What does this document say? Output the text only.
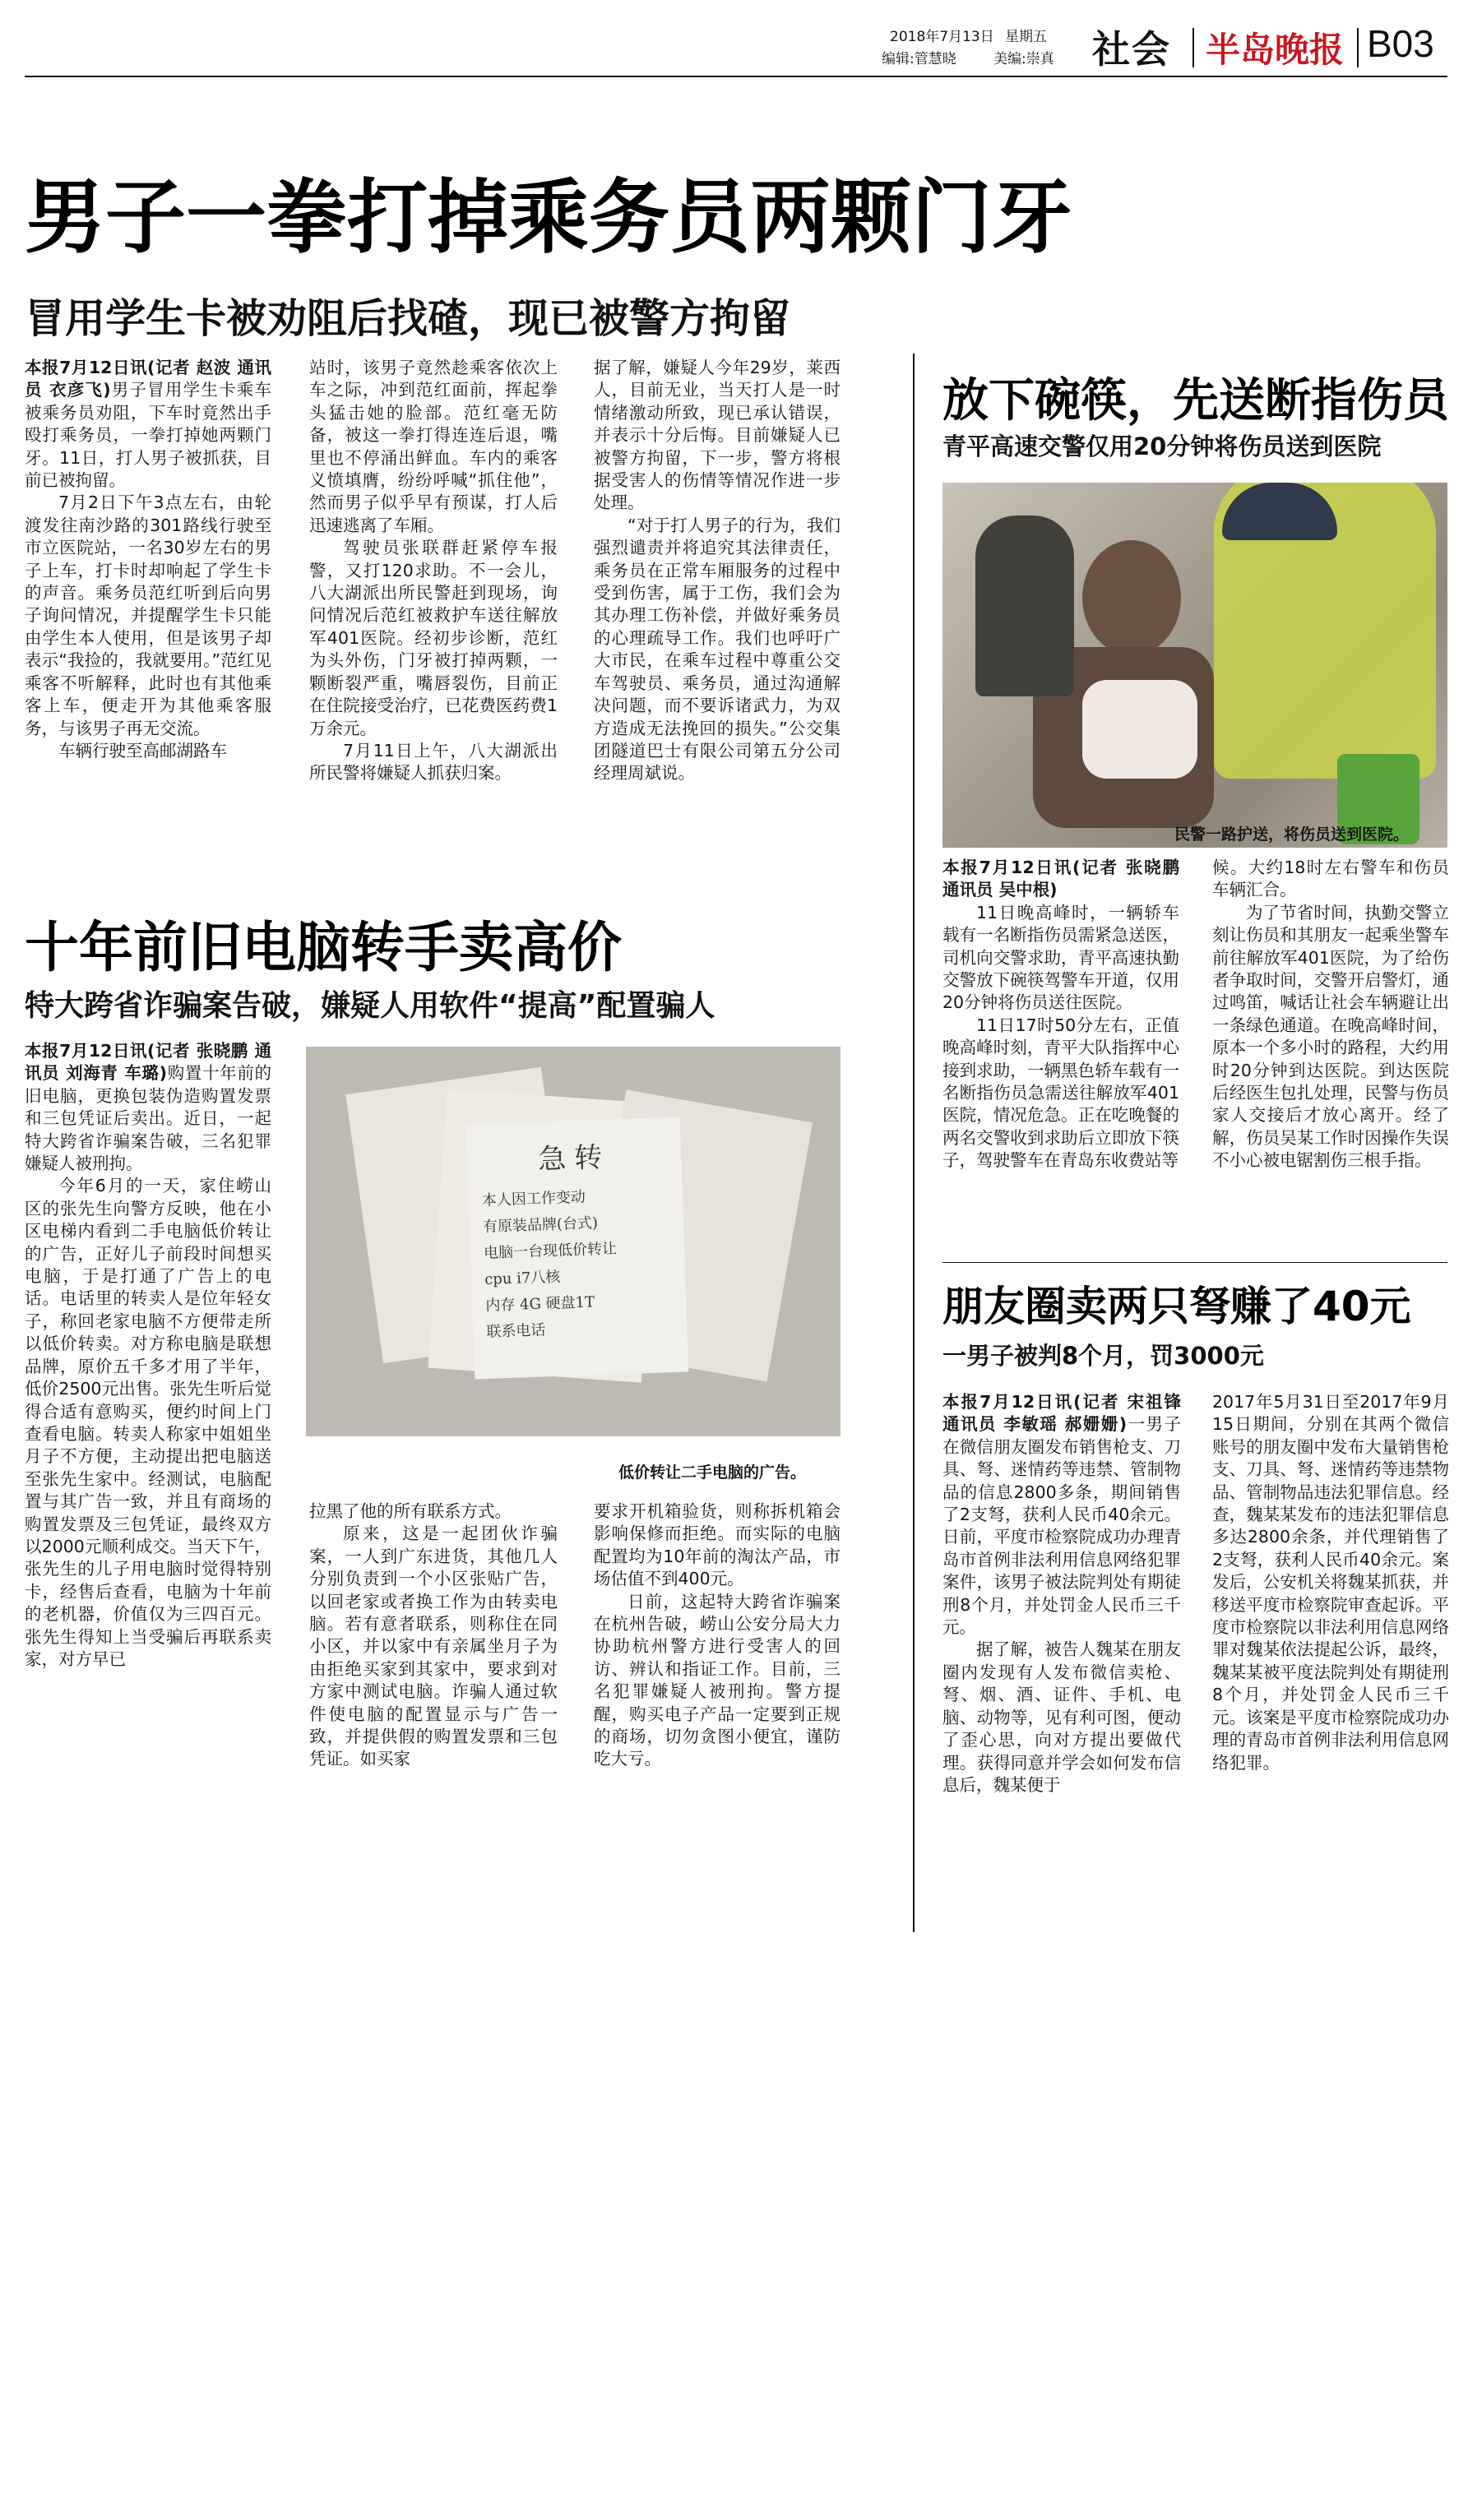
2018年7月13日 星期五
编辑:管慧晓	美编:崇真 社会 半岛晚报 B03
男子一拳打掉乘务员两颗门牙
冒用学生卡被劝阻后找碴，现已被警方拘留

本报7月12日讯(记者 赵波 通讯员 衣彦飞)男子冒用学生卡乘车被乘务员劝阻，下车时竟然出手殴打乘务员，一拳打掉她两颗门牙。11日，打人男子被抓获，目前已被拘留。

7月2日下午3点左右，由轮渡发往南沙路的301路线行驶至市立医院站，一名30岁左右的男子上车，打卡时却响起了学生卡的声音。乘务员范红听到后向男子询问情况，并提醒学生卡只能由学生本人使用，但是该男子却表示“我捡的，我就要用。”范红见乘客不听解释，此时也有其他乘客上车，便走开为其他乘客服务，与该男子再无交流。

车辆行驶至高邮湖路车

站时，该男子竟然趁乘客依次上车之际，冲到范红面前，挥起拳头猛击她的脸部。范红毫无防备，被这一拳打得连连后退，嘴里也不停涌出鲜血。车内的乘客义愤填膺，纷纷呼喊“抓住他”，然而男子似乎早有预谋，打人后迅速逃离了车厢。

驾驶员张联群赶紧停车报警，又打120求助。不一会儿，八大湖派出所民警赶到现场，询问情况后范红被救护车送往解放军401医院。经初步诊断，范红为头外伤，门牙被打掉两颗，一颗断裂严重，嘴唇裂伤，目前正在住院接受治疗，已花费医药费1万余元。

7月11日上午，八大湖派出所民警将嫌疑人抓获归案。

据了解，嫌疑人今年29岁，莱西人，目前无业，当天打人是一时情绪激动所致，现已承认错误，并表示十分后悔。目前嫌疑人已被警方拘留，下一步，警方将根据受害人的伤情等情况作进一步处理。

“对于打人男子的行为，我们强烈谴责并将追究其法律责任，乘务员在正常车厢服务的过程中受到伤害，属于工伤，我们会为其办理工伤补偿，并做好乘务员的心理疏导工作。我们也呼吁广大市民，在乘车过程中尊重公交车驾驶员、乘务员，通过沟通解决问题，而不要诉诸武力，为双方造成无法挽回的损失。”公交集团隧道巴士有限公司第五分公司经理周斌说。

放下碗筷，先送断指伤员
青平高速交警仅用20分钟将伤员送到医院
民警一路护送，将伤员送到医院。

本报7月12日讯(记者 张晓鹏 通讯员 吴中根)

11日晚高峰时，一辆轿车载有一名断指伤员需紧急送医，司机向交警求助，青平高速执勤交警放下碗筷驾警车开道，仅用20分钟将伤员送往医院。

11日17时50分左右，正值晚高峰时刻，青平大队指挥中心接到求助，一辆黑色轿车载有一名断指伤员急需送往解放军401医院，情况危急。正在吃晚餐的两名交警收到求助后立即放下筷子，驾驶警车在青岛东收费站等

候。大约18时左右警车和伤员车辆汇合。

为了节省时间，执勤交警立刻让伤员和其朋友一起乘坐警车前往解放军401医院，为了给伤者争取时间，交警开启警灯，通过鸣笛，喊话让社会车辆避让出一条绿色通道。在晚高峰时间，原本一个多小时的路程，大约用时20分钟到达医院。到达医院后经医生包扎处理，民警与伤员家人交接后才放心离开。经了解，伤员吴某工作时因操作失误不小心被电锯割伤三根手指。

十年前旧电脑转手卖高价
特大跨省诈骗案告破，嫌疑人用软件“提高”配置骗人

本报7月12日讯(记者 张晓鹏 通讯员 刘海青 车璐)购置十年前的旧电脑，更换包装伪造购置发票和三包凭证后卖出。近日，一起特大跨省诈骗案告破，三名犯罪嫌疑人被刑拘。

今年6月的一天，家住崂山区的张先生向警方反映，他在小区电梯内看到二手电脑低价转让的广告，正好儿子前段时间想买电脑，于是打通了广告上的电话。电话里的转卖人是位年轻女子，称回老家电脑不方便带走所以低价转卖。对方称电脑是联想品牌，原价五千多才用了半年，低价2500元出售。张先生听后觉得合适有意购买，便约时间上门查看电脑。转卖人称家中姐姐坐月子不方便，主动提出把电脑送至张先生家中。经测试，电脑配置与其广告一致，并且有商场的购置发票及三包凭证，最终双方以2000元顺利成交。当天下午，张先生的儿子用电脑时觉得特别卡，经售后查看，电脑为十年前的老机器，价值仅为三四百元。张先生得知上当受骗后再联系卖家，对方早已

急转
本人因工作变动
有原装品牌(台式)
电脑一台现低价转让
cpu i7八核
内存 4G 硬盘1T
联系电话
低价转让二手电脑的广告。

拉黑了他的所有联系方式。

原来，这是一起团伙诈骗案，一人到广东进货，其他几人分别负责到一个小区张贴广告，以回老家或者换工作为由转卖电脑。若有意者联系，则称住在同小区，并以家中有亲属坐月子为由拒绝买家到其家中，要求到对方家中测试电脑。诈骗人通过软件使电脑的配置显示与广告一致，并提供假的购置发票和三包凭证。如买家

要求开机箱验货，则称拆机箱会影响保修而拒绝。而实际的电脑配置均为10年前的淘汰产品，市场估值不到400元。

日前，这起特大跨省诈骗案在杭州告破，崂山公安分局大力协助杭州警方进行受害人的回访、辨认和指证工作。目前，三名犯罪嫌疑人被刑拘。警方提醒，购买电子产品一定要到正规的商场，切勿贪图小便宜，谨防吃大亏。

朋友圈卖两只弩赚了40元
一男子被判8个月，罚3000元

本报7月12日讯(记者 宋祖锋 通讯员 李敏瑶 郝姗姗)一男子在微信朋友圈发布销售枪支、刀具、弩、迷情药等违禁、管制物品的信息2800多条，期间销售了2支弩，获利人民币40余元。日前，平度市检察院成功办理青岛市首例非法利用信息网络犯罪案件，该男子被法院判处有期徒刑8个月，并处罚金人民币三千元。

据了解，被告人魏某在朋友圈内发现有人发布微信卖枪、弩、烟、酒、证件、手机、电脑、动物等，见有利可图，便动了歪心思，向对方提出要做代理。获得同意并学会如何发布信息后，魏某便于

2017年5月31日至2017年9月15日期间，分别在其两个微信账号的朋友圈中发布大量销售枪支、刀具、弩、迷情药等违禁物品、管制物品违法犯罪信息。经查，魏某某发布的违法犯罪信息多达2800余条，并代理销售了2支弩，获利人民币40余元。案发后，公安机关将魏某抓获，并移送平度市检察院审查起诉。平度市检察院以非法利用信息网络罪对魏某依法提起公诉，最终，魏某某被平度法院判处有期徒刑8个月，并处罚金人民币三千元。该案是平度市检察院成功办理的青岛市首例非法利用信息网络犯罪。
